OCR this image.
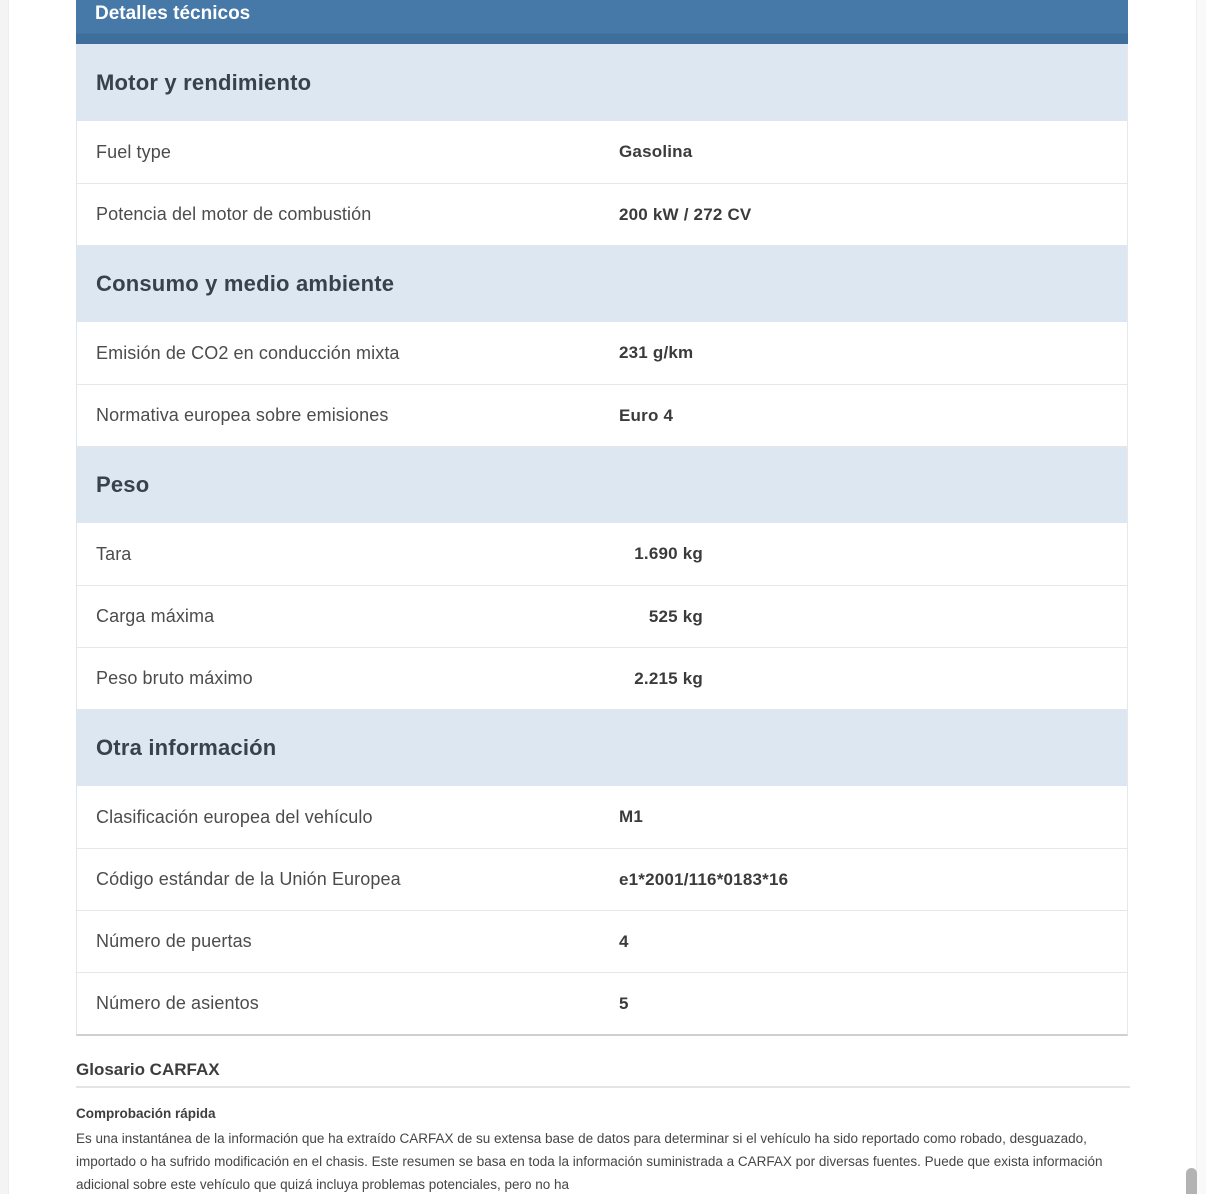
Detalles técnicos
Motor y rendimiento
Fuel type	Gasolina
Potencia del motor de combustión	200 kW / 272 CV
Consumo y medio ambiente
Emisión de CO2 en conducción mixta	231 g/km
Normativa europea sobre emisiones	Euro 4
Peso
Tara	1.690 kg
Carga máxima	525 kg
Peso bruto máximo	2.215 kg
Otra información
Clasificación europea del vehículo	M1
Código estándar de la Unión Europea	e1*2001/116*0183*16
Número de puertas	4
Número de asientos	5
Glosario CARFAX
Comprobación rápida
Es una instantánea de la información que ha extraído CARFAX de su extensa base de datos para determinar si el vehículo ha sido reportado como robado, desguazado, importado o ha sufrido modificación en el chasis. Este resumen se basa en toda la información suministrada a CARFAX por diversas fuentes. Puede que exista información adicional sobre este vehículo que quizá incluya problemas potenciales, pero no ha
